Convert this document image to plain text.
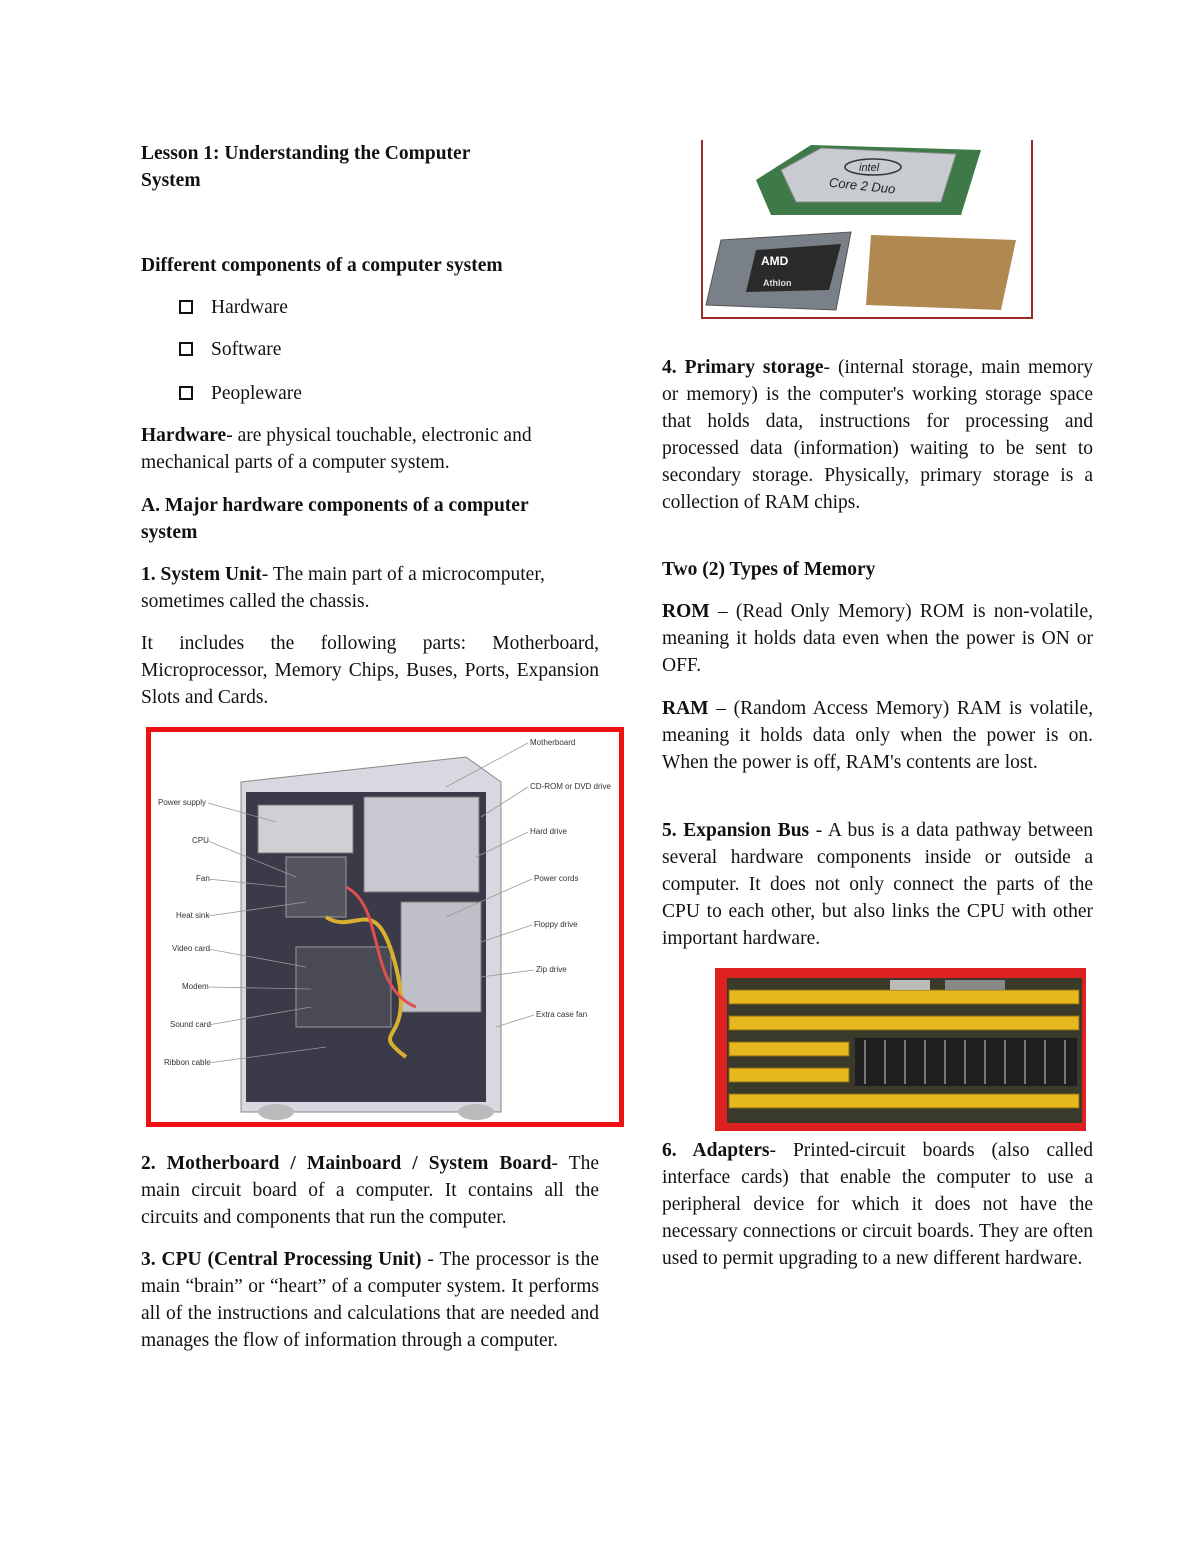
Lesson 1: Understanding the Computer

System

Different components of a computer system

Hardware

Software

Peopleware

Hardware- are physical touchable, electronic and mechanical parts of a computer system.

A. Major hardware components of a computer system

1. System Unit- The main part of a microcomputer, sometimes called the chassis.

It includes the following parts: Motherboard, Microprocessor, Memory Chips, Buses, Ports, Expansion Slots and Cards.

Power supply
CPU
Fan
Heat sink
Video card
Modem
Sound card
Ribbon cable
Motherboard
CD-ROM or DVD drive
Hard drive
Power cords
Floppy drive
Zip drive
Extra case fan

2. Motherboard / Mainboard / System Board- The main circuit board of a computer. It contains all the circuits and components that run the computer.

3. CPU (Central Processing Unit) - The processor is the main “brain” or “heart” of a computer system. It performs all of the instructions and calculations that are needed and manages the flow of information through a computer.

intel
Core 2 Duo
AMD
Athlon

4. Primary storage- (internal storage, main memory or memory) is the computer's working storage space that holds data, instructions for processing and processed data (information) waiting to be sent to secondary storage. Physically, primary storage is a collection of RAM chips.

Two (2) Types of Memory

ROM – (Read Only Memory) ROM is non-volatile, meaning it holds data even when the power is ON or OFF.

RAM – (Random Access Memory) RAM is volatile, meaning it holds data only when the power is on. When the power is off, RAM's contents are lost.

5. Expansion Bus - A bus is a data pathway between several hardware components inside or outside a computer. It does not only connect the parts of the CPU to each other, but also links the CPU with other important hardware.

6. Adapters- Printed-circuit boards (also called interface cards) that enable the computer to use a peripheral device for which it does not have the necessary connections or circuit boards. They are often used to permit upgrading to a new different hardware.
